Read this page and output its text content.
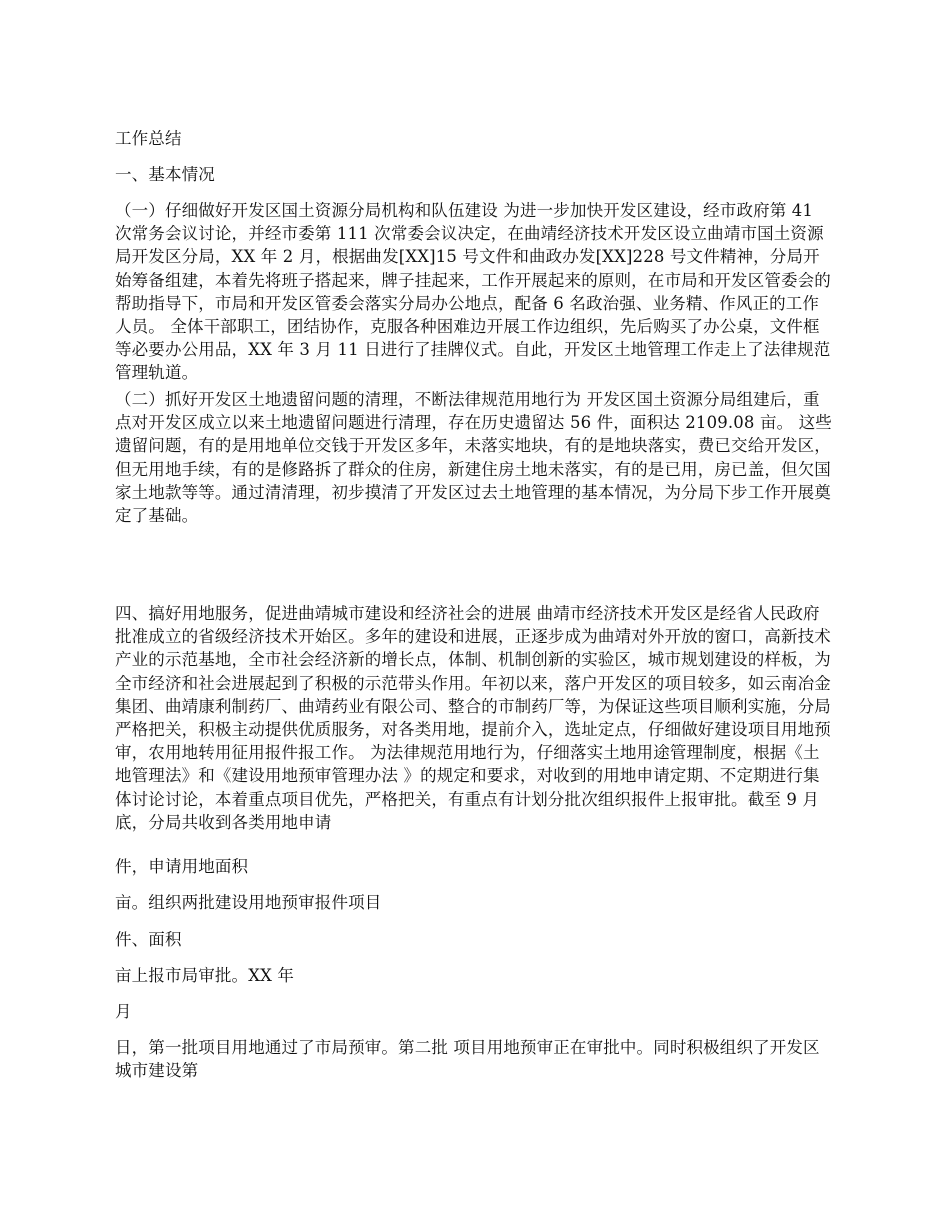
工作总结

一、基本情况

（一）仔细做好开发区国土资源分局机构和队伍建设 为进一步加快开发区建设，经市政府第 41 次常务会议讨论，并经市委第 111 次常委会议决定，在曲靖经济技术开发区设立曲靖市国土资源局开发区分局，XX 年 2 月，根据曲发[XX]15 号文件和曲政办发[XX]228 号文件精神，分局开始筹备组建，本着先将班子搭起来，牌子挂起来，工作开展起来的原则，在市局和开发区管委会的帮助指导下，市局和开发区管委会落实分局办公地点，配备 6 名政治强、业务精、作风正的工作人员。 全体干部职工，团结协作，克服各种困难边开展工作边组织，先后购买了办公桌，文件框等必要办公用品，XX 年 3 月 11 日进行了挂牌仪式。自此，开发区土地管理工作走上了法律规范管理轨道。

（二）抓好开发区土地遗留问题的清理，不断法律规范用地行为 开发区国土资源分局组建后，重点对开发区成立以来土地遗留问题进行清理，存在历史遗留达 56 件，面积达 2109.08 亩。 这些遗留问题，有的是用地单位交钱于开发区多年，未落实地块，有的是地块落实，费已交给开发区，但无用地手续，有的是修路拆了群众的住房，新建住房土地未落实，有的是已用，房已盖，但欠国家土地款等等。通过清清理，初步摸清了开发区过去土地管理的基本情况，为分局下步工作开展奠定了基础。

四、搞好用地服务，促进曲靖城市建设和经济社会的进展 曲靖市经济技术开发区是经省人民政府批准成立的省级经济技术开始区。多年的建设和进展，正逐步成为曲靖对外开放的窗口，高新技术产业的示范基地，全市社会经济新的增长点，体制、机制创新的实验区，城市规划建设的样板，为全市经济和社会进展起到了积极的示范带头作用。年初以来，落户开发区的项目较多，如云南冶金集团、曲靖康利制药厂、曲靖药业有限公司、整合的市制药厂等，为保证这些项目顺利实施，分局严格把关，积极主动提供优质服务，对各类用地，提前介入，选址定点，仔细做好建设项目用地预审，农用地转用征用报件报工作。 为法律规范用地行为，仔细落实土地用途管理制度，根据《土地管理法》和《建设用地预审管理办法 》的规定和要求，对收到的用地申请定期、不定期进行集体讨论讨论，本着重点项目优先，严格把关，有重点有计划分批次组织报件上报审批。截至 9 月底，分局共收到各类用地申请

件，申请用地面积

亩。组织两批建设用地预审报件项目

件、面积

亩上报市局审批。XX 年

月

日，第一批项目用地通过了市局预审。第二批 项目用地预审正在审批中。同时积极组织了开发区城市建设第
